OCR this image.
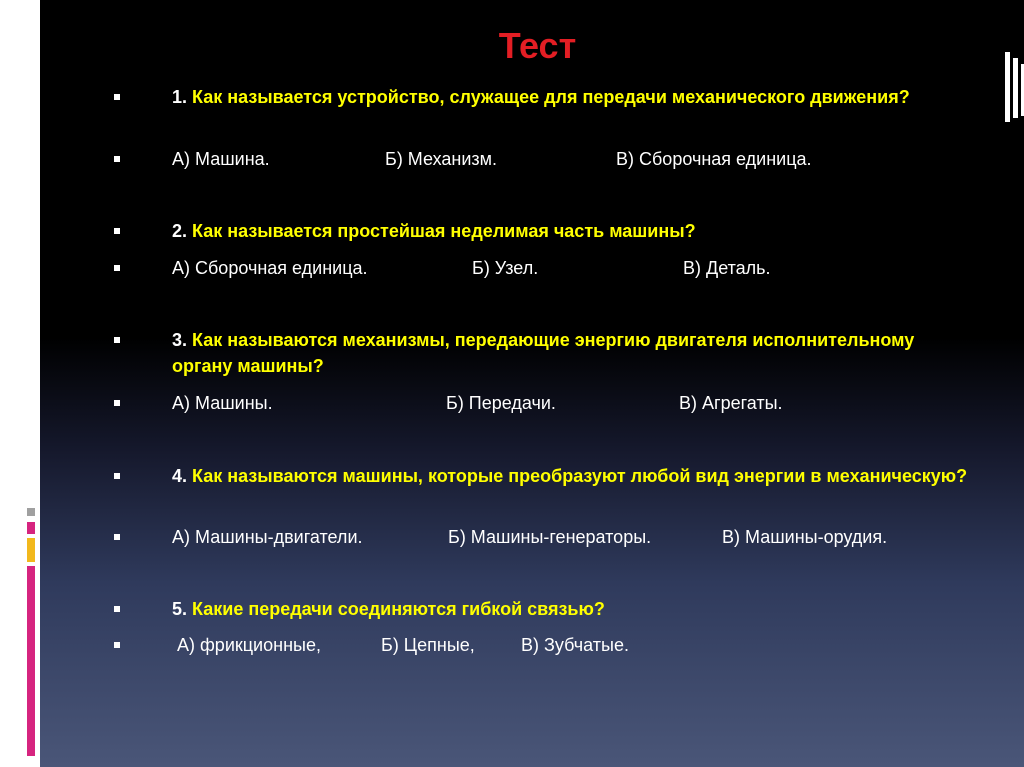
Тест
1. Как называется устройство, служащее для передачи механического движения?
А) Машина.	Б) Механизм.	В) Сборочная единица.
2. Как называется простейшая неделимая часть машины?
А) Сборочная единица.	Б) Узел.	В) Деталь.
3. Как называются механизмы, передающие энергию двигателя исполнительному органу машины?
А) Машины.	Б) Передачи.	В) Агрегаты.
4. Как называются машины, которые преобразуют любой вид энергии в механическую?
А) Машины-двигатели.	Б) Машины-генераторы.	В) Машины-орудия.
5. Какие передачи соединяются гибкой связью?
А) фрикционные,	Б) Цепные,	В) Зубчатые.
